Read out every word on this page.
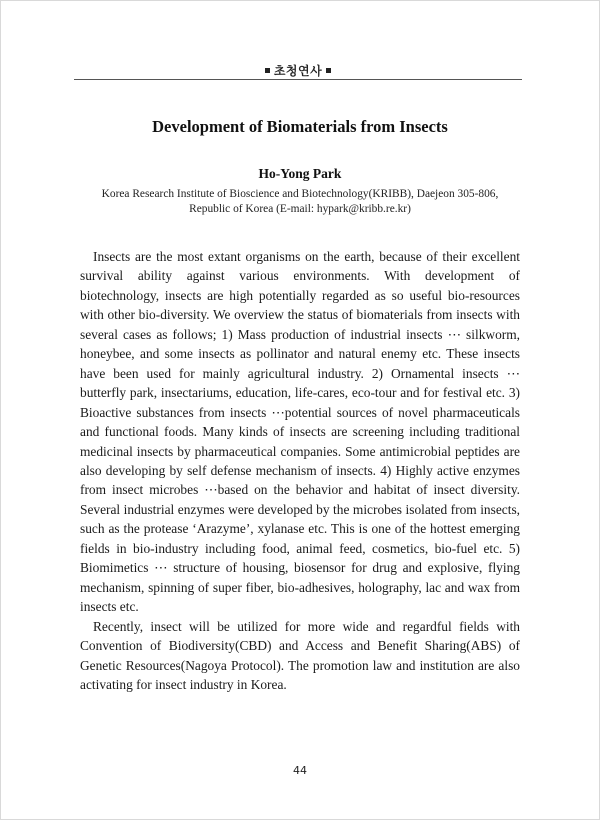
초청연사
Development of Biomaterials from Insects
Ho-Yong Park
Korea Research Institute of Bioscience and Biotechnology(KRIBB), Daejeon 305-806,
Republic of Korea (E-mail: hypark@kribb.re.kr)

Insects are the most extant organisms on the earth, because of their excellent survival ability against various environments. With development of biotechnology, insects are high potentially regarded as so useful bio-resources with other bio-diversity. We overview the status of biomaterials from insects with several cases as follows; 1) Mass production of industrial insects ⋯ silkworm, honeybee, and some insects as pollinator and natural enemy etc. These insects have been used for mainly agricultural industry. 2) Ornamental insects ⋯ butterfly park, insectariums, education, life-cares, eco-tour and for festival etc. 3) Bioactive substances from insects ⋯potential sources of novel pharmaceuticals and functional foods. Many kinds of insects are screening including traditional medicinal insects by pharmaceutical companies. Some antimicrobial peptides are also developing by self defense mechanism of insects. 4) Highly active enzymes from insect microbes ⋯based on the behavior and habitat of insect diversity. Several industrial enzymes were developed by the microbes isolated from insects, such as the protease ‘Arazyme’, xylanase etc. This is one of the hottest emerging fields in bio-industry including food, animal feed, cosmetics, bio-fuel etc. 5) Biomimetics ⋯ structure of housing, biosensor for drug and explosive, flying mechanism, spinning of super fiber, bio-adhesives, holography, lac and wax from insects etc.

Recently, insect will be utilized for more wide and regardful fields with Convention of Biodiversity(CBD) and Access and Benefit Sharing(ABS) of Genetic Resources(Nagoya Protocol). The promotion law and institution are also activating for insect industry in Korea.

44
